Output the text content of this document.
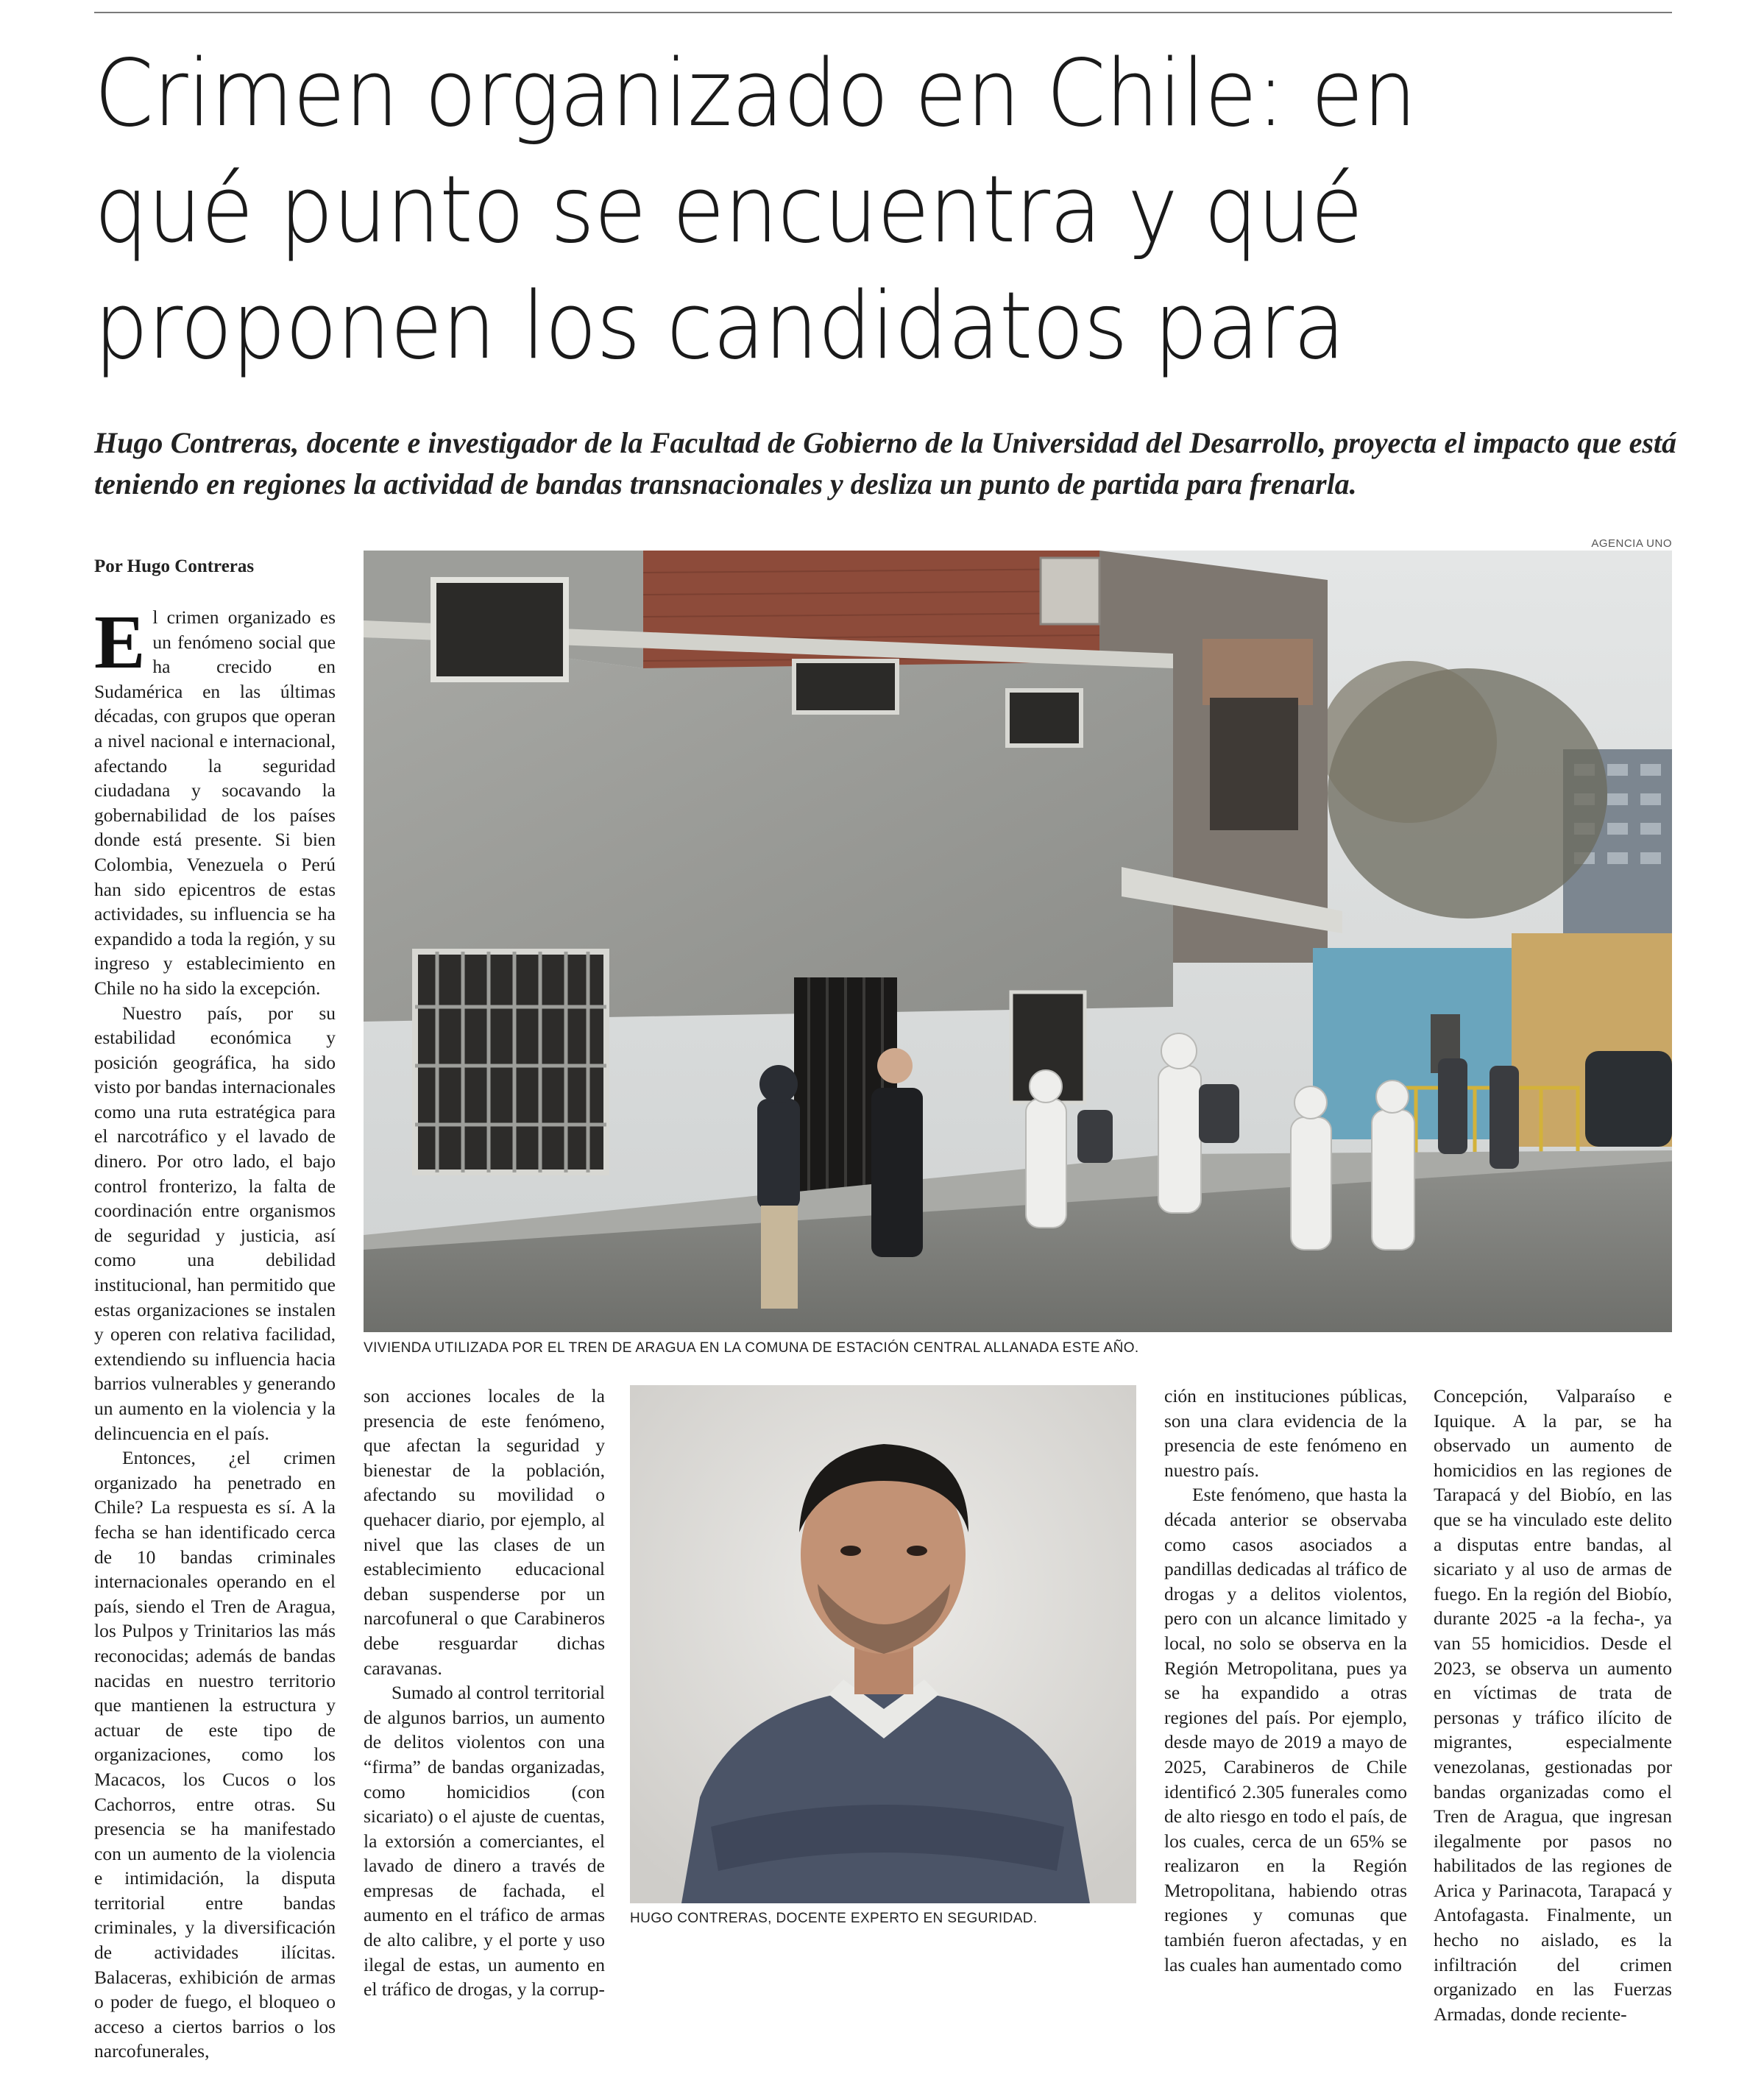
Crimen organizado en Chile: en
qué punto se encuentra y qué
proponen los candidatos para

Hugo Contreras, docente e investigador de la Facultad de Gobierno de la Universidad del Desarrollo, proyecta el impacto que está teniendo en regiones la actividad de bandas transnacionales y desliza un punto de partida para frenarla.

Por Hugo Contreras
AGENCIA UNO
VIVIENDA UTILIZADA POR EL TREN DE ARAGUA EN LA COMUNA DE ESTACIÓN CENTRAL ALLANADA ESTE AÑO.
HUGO CONTRERAS, DOCENTE EXPERTO EN SEGURIDAD.

El crimen organizado es un fenómeno social que ha crecido en Sudamérica en las últimas décadas, con grupos que operan a nivel nacional e internacional, afectando la seguridad ciudadana y socavando la gobernabilidad de los países donde está presente. Si bien Colombia, Venezuela o Perú han sido epicentros de estas actividades, su influencia se ha expandido a toda la región, y su ingreso y establecimiento en Chile no ha sido la excepción.

Nuestro país, por su estabilidad económica y posición geográfica, ha sido visto por bandas internacionales como una ruta estratégica para el narcotráfico y el lavado de dinero. Por otro lado, el bajo control fronterizo, la falta de coordinación entre organismos de seguridad y justicia, así como una debilidad institucional, han permitido que estas organizaciones se instalen y operen con relativa facilidad, extendiendo su influencia hacia barrios vulnerables y generando un aumento en la violencia y la delincuencia en el país.

Entonces, ¿el crimen organizado ha penetrado en Chile? La respuesta es sí. A la fecha se han identificado cerca de 10 bandas criminales internacionales operando en el país, siendo el Tren de Aragua, los Pulpos y Trinitarios las más reconocidas; además de bandas nacidas en nuestro territorio que mantienen la estructura y actuar de este tipo de organizaciones, como los Macacos, los Cucos o los Cachorros, entre otras. Su presencia se ha manifestado con un aumento de la violencia e intimidación, la disputa territorial entre bandas criminales, y la diversificación de actividades ilícitas. Balaceras, exhibición de armas o poder de fuego, el bloqueo o acceso a ciertos barrios o los narcofunerales,

son acciones locales de la presencia de este fenómeno, que afectan la seguridad y bienestar de la población, afectando su movilidad o quehacer diario, por ejemplo, al nivel que las clases de un establecimiento educacional deban suspenderse por un narcofuneral o que Carabineros debe resguardar dichas caravanas.

Sumado al control territorial de algunos barrios, un aumento de delitos violentos con una “firma” de bandas organizadas, como homicidios (con sicariato) o el ajuste de cuentas, la extorsión a comerciantes, el lavado de dinero a través de empresas de fachada, el aumento en el tráfico de armas de alto calibre, y el porte y uso ilegal de estas, un aumento en el tráfico de drogas, y la corrup-

ción en instituciones públicas, son una clara evidencia de la presencia de este fenómeno en nuestro país.

Este fenómeno, que hasta la década anterior se observaba como casos asociados a pandillas dedicadas al tráfico de drogas y a delitos violentos, pero con un alcance limitado y local, no solo se observa en la Región Metropolitana, pues ya se ha expandido a otras regiones del país. Por ejemplo, desde mayo de 2019 a mayo de 2025, Carabineros de Chile identificó 2.305 funerales como de alto riesgo en todo el país, de los cuales, cerca de un 65% se realizaron en la Región Metropolitana, habiendo otras regiones y comunas que también fueron afectadas, y en las cuales han aumentado como

Concepción, Valparaíso e Iquique. A la par, se ha observado un aumento de homicidios en las regiones de Tarapacá y del Biobío, en las que se ha vinculado este delito a disputas entre bandas, al sicariato y al uso de armas de fuego. En la región del Biobío, durante 2025 -a la fecha-, ya van 55 homicidios. Desde el 2023, se observa un aumento en víctimas de trata de personas y tráfico ilícito de migrantes, especialmente venezolanas, gestionadas por bandas organizadas como el Tren de Aragua, que ingresan ilegalmente por pasos no habilitados de las regiones de Arica y Parinacota, Tarapacá y Antofagasta. Finalmente, un hecho no aislado, es la infiltración del crimen organizado en las Fuerzas Armadas, donde reciente-
